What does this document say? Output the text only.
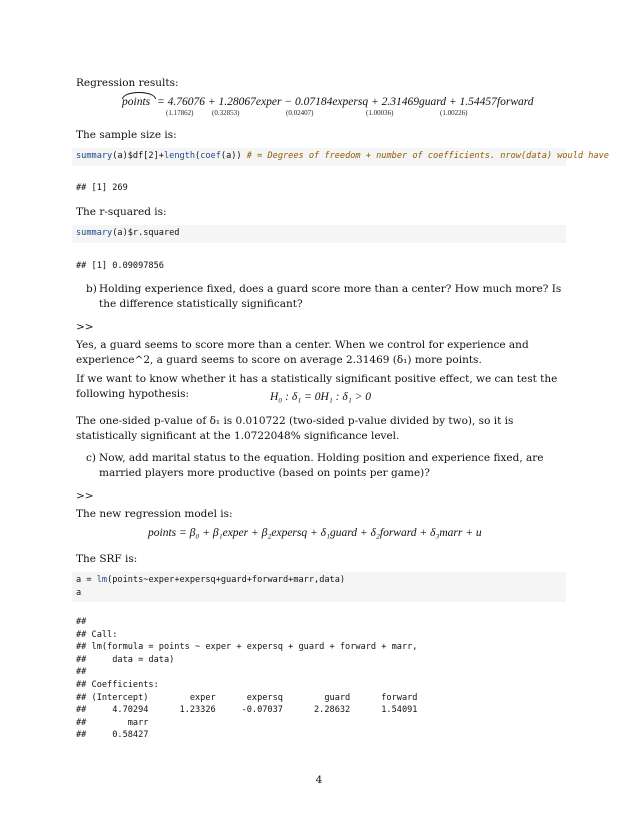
Regression results:

points = 4.76076 + 1.28067exper − 0.07184expersq + 2.31469guard + 1.54457forward
(1.17862)	(0.32853)	(0.02407)	(1.00036)	(1.00226)

The sample size is:

summary(a)$df[2]+length(coef(a)) # = Degrees of freedom + number of coefficients. nrow(data) would have
## [1] 269

The r-squared is:

summary(a)$r.squared
## [1] 0.09097856
b) Holding experience fixed, does a guard score more than a center? How much more? Is the difference statistically significant?

>>

Yes, a guard seems to score more than a center. When we control for experience and experience^2, a guard seems to score on average 2.31469 (δ₁) more points.

If we want to know whether it has a statistically significant positive effect, we can test the following hypothesis:	H₀ : δ₁ = 0H₁ : δ₁ > 0

The one-sided p-value of δ₁ is 0.010722 (two-sided p-value divided by two), so it is statistically significant at the 1.0722048% significance level.

c) Now, add marital status to the equation. Holding position and experience fixed, are married players more productive (based on points per game)?

>>

The new regression model is:

points = β₀ + β₁exper + β₂expersq + δ₁guard + δ₂forward + δ₃marr + u

The SRF is:

a = lm(points~exper+expersq+guard+forward+marr,data)
a
##
## Call:
## lm(formula = points ~ exper + expersq + guard + forward + marr,
##     data = data)
##
## Coefficients:
## (Intercept)        exper      expersq        guard      forward
##     4.70294      1.23326     -0.07037      2.28632      1.54091
##        marr
##     0.58427
4
